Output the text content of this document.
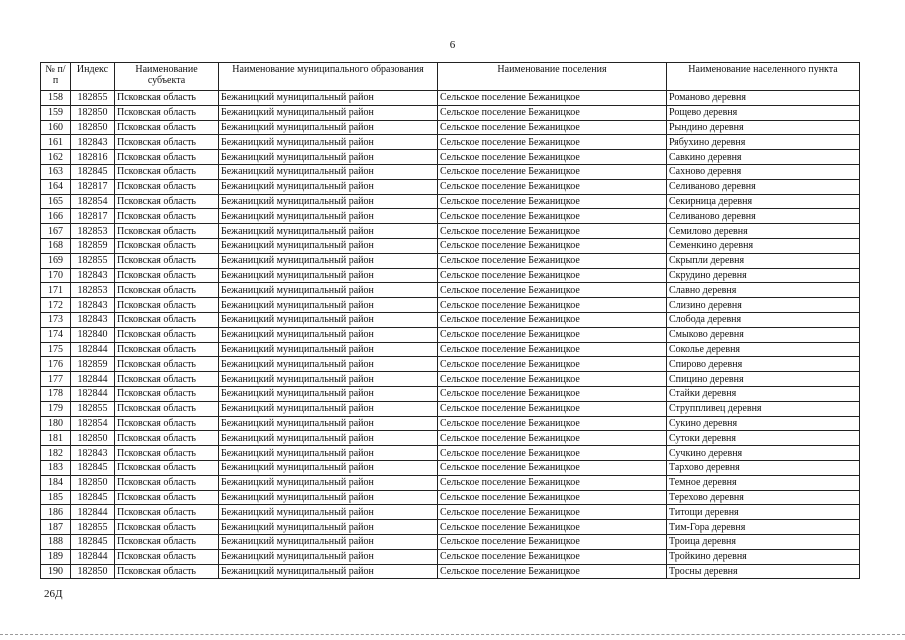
6
№ п/п	Индекс	Наименование субъекта	Наименование муниципального образования	Наименование поселения	Наименование населенного пункта
158	182855	Псковская область	Бежаницкий муниципальный район	Сельское поселение Бежаницкое	Романово деревня
159	182850	Псковская область	Бежаницкий муниципальный район	Сельское поселение Бежаницкое	Рощево деревня
160	182850	Псковская область	Бежаницкий муниципальный район	Сельское поселение Бежаницкое	Рындино деревня
161	182843	Псковская область	Бежаницкий муниципальный район	Сельское поселение Бежаницкое	Рябухино деревня
162	182816	Псковская область	Бежаницкий муниципальный район	Сельское поселение Бежаницкое	Савкино деревня
163	182845	Псковская область	Бежаницкий муниципальный район	Сельское поселение Бежаницкое	Сахново деревня
164	182817	Псковская область	Бежаницкий муниципальный район	Сельское поселение Бежаницкое	Селиваново деревня
165	182854	Псковская область	Бежаницкий муниципальный район	Сельское поселение Бежаницкое	Секирница деревня
166	182817	Псковская область	Бежаницкий муниципальный район	Сельское поселение Бежаницкое	Селиваново деревня
167	182853	Псковская область	Бежаницкий муниципальный район	Сельское поселение Бежаницкое	Семилово деревня
168	182859	Псковская область	Бежаницкий муниципальный район	Сельское поселение Бежаницкое	Семенкино деревня
169	182855	Псковская область	Бежаницкий муниципальный район	Сельское поселение Бежаницкое	Скрыпли деревня
170	182843	Псковская область	Бежаницкий муниципальный район	Сельское поселение Бежаницкое	Скрудино деревня
171	182853	Псковская область	Бежаницкий муниципальный район	Сельское поселение Бежаницкое	Славно деревня
172	182843	Псковская область	Бежаницкий муниципальный район	Сельское поселение Бежаницкое	Слизино деревня
173	182843	Псковская область	Бежаницкий муниципальный район	Сельское поселение Бежаницкое	Слобода деревня
174	182840	Псковская область	Бежаницкий муниципальный район	Сельское поселение Бежаницкое	Смыково деревня
175	182844	Псковская область	Бежаницкий муниципальный район	Сельское поселение Бежаницкое	Соколье деревня
176	182859	Псковская область	Бежаницкий муниципальный район	Сельское поселение Бежаницкое	Спирово деревня
177	182844	Псковская область	Бежаницкий муниципальный район	Сельское поселение Бежаницкое	Спицино деревня
178	182844	Псковская область	Бежаницкий муниципальный район	Сельское поселение Бежаницкое	Стайки деревня
179	182855	Псковская область	Бежаницкий муниципальный район	Сельское поселение Бежаницкое	Струппливец деревня
180	182854	Псковская область	Бежаницкий муниципальный район	Сельское поселение Бежаницкое	Сукино деревня
181	182850	Псковская область	Бежаницкий муниципальный район	Сельское поселение Бежаницкое	Сутоки деревня
182	182843	Псковская область	Бежаницкий муниципальный район	Сельское поселение Бежаницкое	Сучкино деревня
183	182845	Псковская область	Бежаницкий муниципальный район	Сельское поселение Бежаницкое	Тархово деревня
184	182850	Псковская область	Бежаницкий муниципальный район	Сельское поселение Бежаницкое	Темное деревня
185	182845	Псковская область	Бежаницкий муниципальный район	Сельское поселение Бежаницкое	Терехово деревня
186	182844	Псковская область	Бежаницкий муниципальный район	Сельское поселение Бежаницкое	Титощи деревня
187	182855	Псковская область	Бежаницкий муниципальный район	Сельское поселение Бежаницкое	Тим-Гора деревня
188	182845	Псковская область	Бежаницкий муниципальный район	Сельское поселение Бежаницкое	Троица деревня
189	182844	Псковская область	Бежаницкий муниципальный район	Сельское поселение Бежаницкое	Тройкино деревня
190	182850	Псковская область	Бежаницкий муниципальный район	Сельское поселение Бежаницкое	Тросны деревня
26Д
